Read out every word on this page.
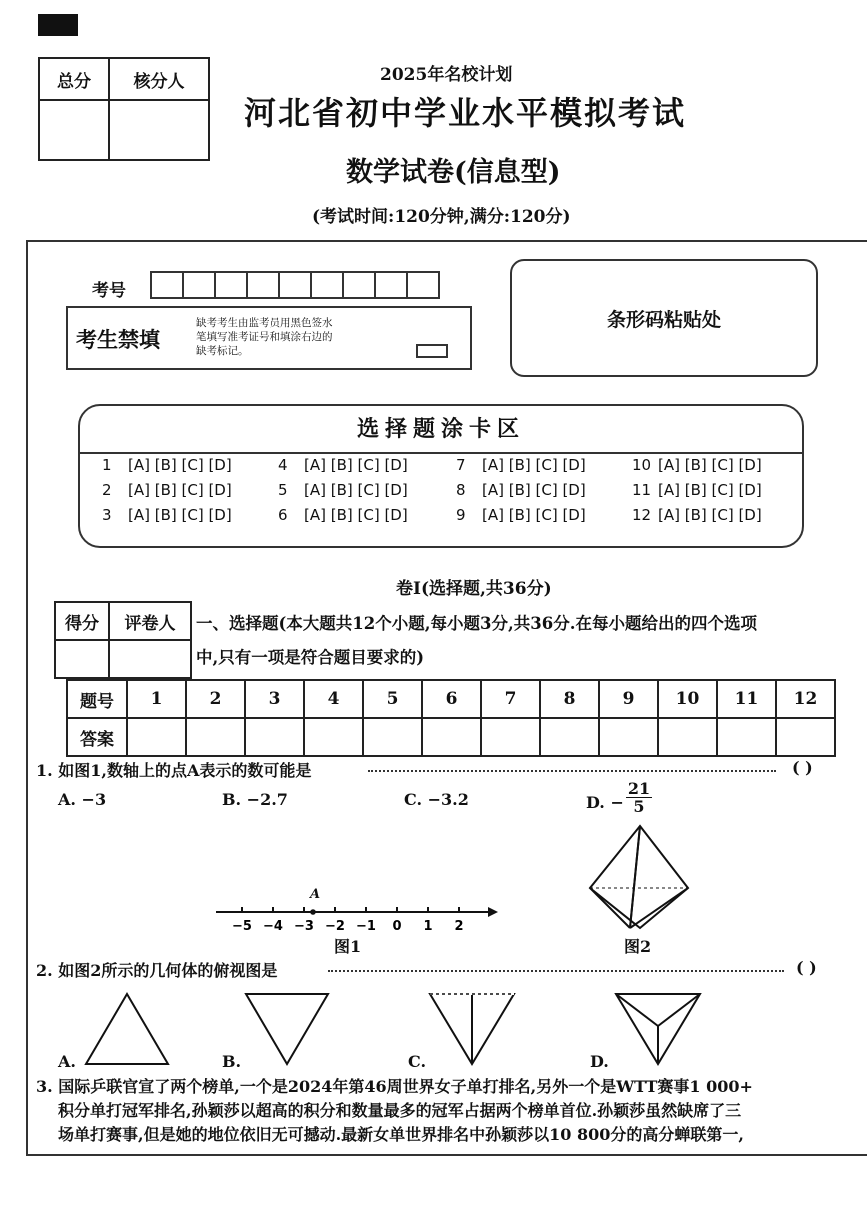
总分	核分人
		2025年名校计划
河北省初中学业水平模拟考试
数学试卷(信息型)
(考试时间:120分钟,满分:120分)
考号
考生禁填
缺考考生由监考员用黑色签水
笔填写准考证号和填涂右边的
缺考标记。
条形码粘贴处
选择题涂卡区
1 [A] [B] [C] [D]	4 [A] [B] [C] [D]	7 [A] [B] [C] [D]	10 [A] [B] [C] [D]
2 [A] [B] [C] [D]	5 [A] [B] [C] [D]	8 [A] [B] [C] [D]	11 [A] [B] [C] [D]
3 [A] [B] [C] [D]	6 [A] [B] [C] [D]	9 [A] [B] [C] [D]	12 [A] [B] [C] [D]
卷Ⅰ(选择题,共36分)
得分	评卷人
	一、选择题(本大题共12个小题,每小题3分,共36分.在每小题给出的四个选项
中,只有一项是符合题目要求的)
题号	1	2	3	4	5	6	7	8	9	10	11	12
答案												
1. 如图1,数轴上的点A表示的数可能是	( )
A. −3	B. −2.7	C. −3.2	D. − $\frac{21}{5}$
−5 −4 −3 −2 −1 0 1 2
A
图1	图2
2. 如图2所示的几何体的俯视图是	( )
A.	B.	C.	D.
3. 国际乒联官宣了两个榜单,一个是2024年第46周世界女子单打排名,另外一个是WTT赛事1 000+
积分单打冠军排名,孙颖莎以超高的积分和数量最多的冠军占据两个榜单首位.孙颖莎虽然缺席了三
场单打赛事,但是她的地位依旧无可撼动.最新女单世界排名中孙颖莎以10 800分的高分蝉联第一,
